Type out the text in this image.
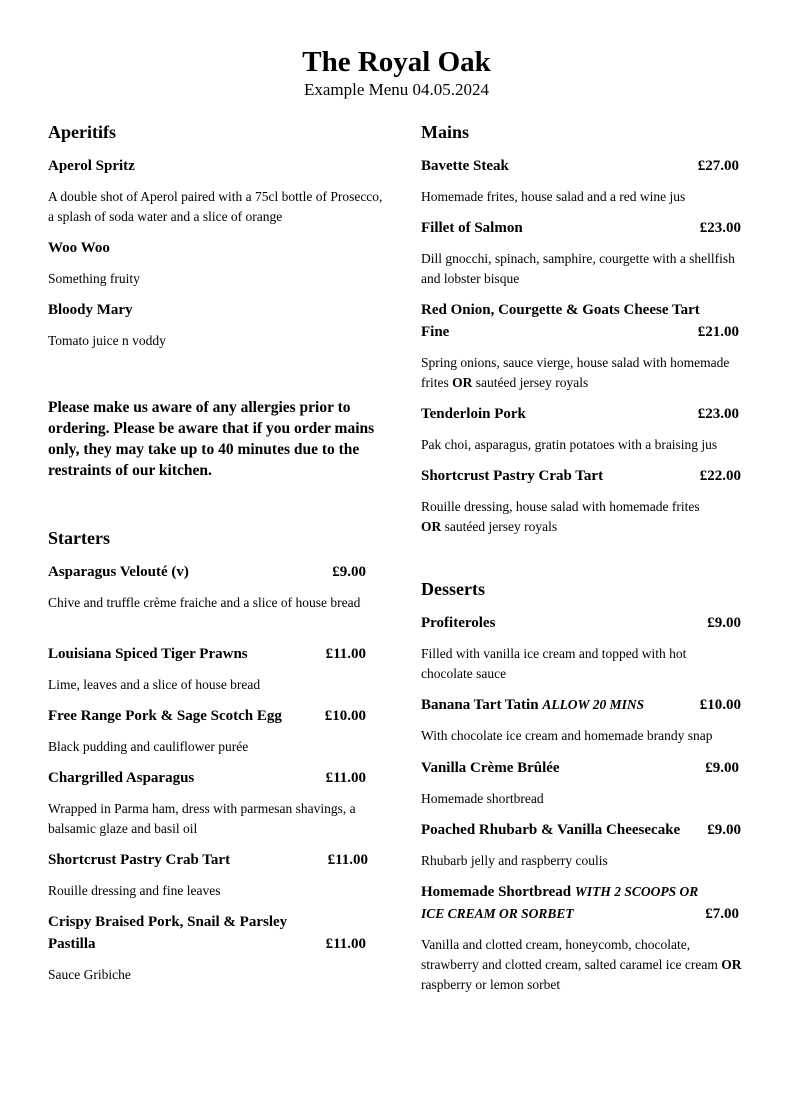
The Royal Oak
Example Menu 04.05.2024
Aperitifs
Aperol Spritz
A double shot of Aperol paired with a 75cl bottle of Prosecco, a splash of soda water and a slice of orange
Woo Woo
Something fruity
Bloody Mary
Tomato juice n voddy
Please make us aware of any allergies prior to ordering. Please be aware that if you order mains only, they may take up to 40 minutes due to the restraints of our kitchen.
Starters
Asparagus Velouté (v)	£9.00
Chive and truffle crème fraiche and a slice of house bread
Louisiana Spiced Tiger Prawns	£11.00
Lime, leaves and a slice of house bread
Free Range Pork & Sage Scotch Egg	£10.00
Black pudding and cauliflower purée
Chargrilled Asparagus	£11.00
Wrapped in Parma ham, dress with parmesan shavings, a balsamic glaze and basil oil
Shortcrust Pastry Crab Tart	£11.00
Rouille dressing and fine leaves
Crispy Braised Pork, Snail & Parsley
Pastilla	£11.00
Sauce Gribiche
Mains
Bavette Steak	£27.00
Homemade frites, house salad and a red wine jus
Fillet of Salmon	£23.00
Dill gnocchi, spinach, samphire, courgette with a shellfish and lobster bisque
Red Onion, Courgette & Goats Cheese Tart
Fine	£21.00
Spring onions, sauce vierge, house salad with homemade frites OR sautéed jersey royals
Tenderloin Pork	£23.00
Pak choi, asparagus, gratin potatoes with a braising jus
Shortcrust Pastry Crab Tart	£22.00
Rouille dressing, house salad with homemade frites
OR sautéed jersey royals
Desserts
Profiteroles	£9.00
Filled with vanilla ice cream and topped with hot chocolate sauce
Banana Tart Tatin ALLOW 20 MINS	£10.00
With chocolate ice cream and homemade brandy snap
Vanilla Crème Brûlée	£9.00
Homemade shortbread
Poached Rhubarb & Vanilla Cheesecake	£9.00
Rhubarb jelly and raspberry coulis
Homemade Shortbread WITH 2 SCOOPS OR
ICE CREAM OR SORBET	£7.00
Vanilla and clotted cream, honeycomb, chocolate, strawberry and clotted cream, salted caramel ice cream OR raspberry or lemon sorbet
